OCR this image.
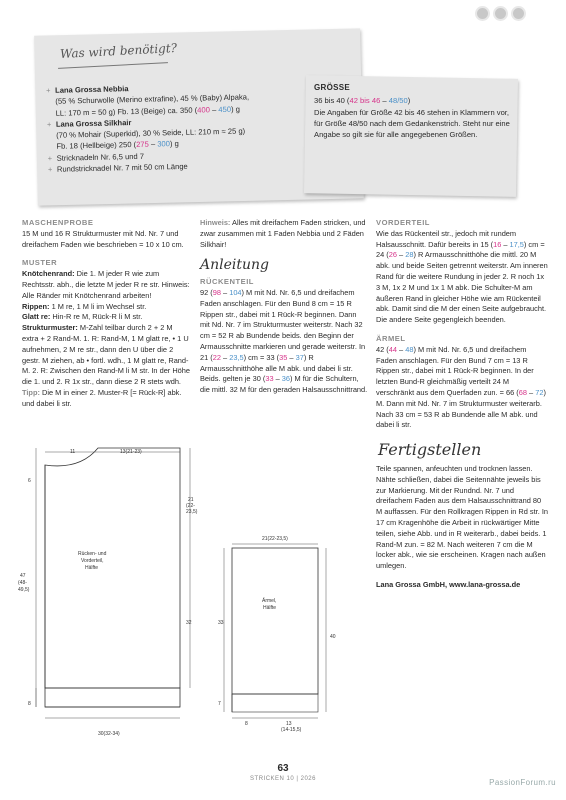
Was wird benötigt?
+ Lana Grossa Nebbia
(55 % Schurwolle (Merino extrafine), 45 % (Baby) Alpaka,
LL: 170 m = 50 g) Fb. 13 (Beige) ca. 350 (400 – 450) g
+ Lana Grossa Silkhair
(70 % Mohair (Superkid), 30 % Seide, LL: 210 m ≈ 25 g)
Fb. 18 (Hellbeige) 250 (275 – 300) g
+ Stricknadeln Nr. 6,5 und 7
+ Rundstricknadel Nr. 7 mit 50 cm Länge
GRÖSSE
36 bis 40 (42 bis 46 – 48/50)
Die Angaben für Größe 42 bis 46 stehen in Klammern vor, für Größe 48/50 nach dem Gedankenstrich. Steht nur eine Angabe so gilt sie für alle angegebenen Größen.
MASCHENPROBE
15 M und 16 R Strukturmuster mit Nd. Nr. 7 und dreifachem Faden wie beschrieben = 10 x 10 cm.
MUSTER
Knötchenrand: Die 1. M jeder R wie zum Rechtsstr. abh., die letzte M jeder R re str. Hinweis: Alle Ränder mit Knötchenrand arbeiten!
Rippen: 1 M re, 1 M li im Wechsel str.
Glatt re: Hin-R re M, Rück-R li M str.
Strukturmuster: M-Zahl teilbar durch 2 + 2 M extra + 2 Rand-M. 1. R: Rand-M, 1 M glatt re, • 1 U aufnehmen, 2 M re str., dann den U über die 2 gestr. M ziehen, ab • fortl. wdh., 1 M glatt re, Rand-M. 2. R: Zwischen den Rand-M li M str. In der Höhe die 1. und 2. R 1x str., dann diese 2 R stets wdh. Tipp: Die M in einer 2. Muster-R [= Rück-R] abk. und dabei li str.
Hinweis: Alles mit dreifachem Faden stricken, und zwar zusammen mit 1 Faden Nebbia und 2 Fäden Silkhair!
Anleitung
RÜCKENTEIL
92 (98 – 104) M mit Nd. Nr. 6,5 und dreifachem Faden anschlagen. Für den Bund 8 cm = 15 R Rippen str., dabei mit 1 Rück-R beginnen. Dann mit Nd. Nr. 7 im Strukturmuster weiterstr. Nach 32 cm = 52 R ab Bundende beids. den Beginn der Armausschnitte markieren und gerade weiterstr. In 21 (22 – 23,5) cm = 33 (35 – 37) R Armausschnitthöhe alle M abk. und dabei li str. Beids. gelten je 30 (33 – 36) M für die Schultern, die mittl. 32 M für den geraden Halsausschnittrand.
VORDERTEIL
Wie das Rückenteil str., jedoch mit rundem Halsausschnitt. Dafür bereits in 15 (16 – 17,5) cm = 24 (26 – 28) R Armausschnitthöhe die mittl. 20 M abk. und beide Seiten getrennt weiterstr. Am inneren Rand für die weitere Rundung in jeder 2. R noch 1x 3 M, 1x 2 M und 1x 1 M abk. Die Schulter-M am äußeren Rand in gleicher Höhe wie am Rückenteil abk. Damit sind die M der einen Seite aufgebraucht. Die andere Seite gegengleich beenden.
ÄRMEL
42 (44 – 48) M mit Nd. Nr. 6,5 und dreifachem Faden anschlagen. Für den Bund 7 cm = 13 R Rippen str., dabei mit 1 Rück-R beginnen. In der letzten Bund-R gleichmäßig verteilt 24 M verschränkt aus dem Querfaden zun. = 66 (68 – 72) M. Dann mit Nd. Nr. 7 im Strukturmuster weiterarb. Nach 33 cm = 53 R ab Bundende alle M abk. und dabei li str.
Fertigstellen
Teile spannen, anfeuchten und trocknen lassen. Nähte schließen, dabei die Seitennähte jeweils bis zur Markierung. Mit der Rundnd. Nr. 7 und dreifachem Faden aus dem Halsausschnittrand 80 M auffassen. Für den Rollkragen Rippen in Rd str. In 17 cm Kragenhöhe die Arbeit in rückwärtiger Mitte teilen, siehe Abb. und in R weiterarb., dabei beids. 1 Rand-M zun. = 82 M. Nach weiteren 7 cm die M locker abk., wie sie erscheinen. Kragen nach außen umlegen.
Lana Grossa GmbH, www.lana-grossa.de
11	13(21-23)
6
21
(22-
23,5)
Rücken- und
Vorderteil,
Hälfte
47
(48-
49,5)
32
8
30(32-34)
21(22-23,5)
Ärmel,
Hälfte
33
40
7
8	13
(14-15,5)
63
STRICKEN 10 | 2026	PassionForum.ru
